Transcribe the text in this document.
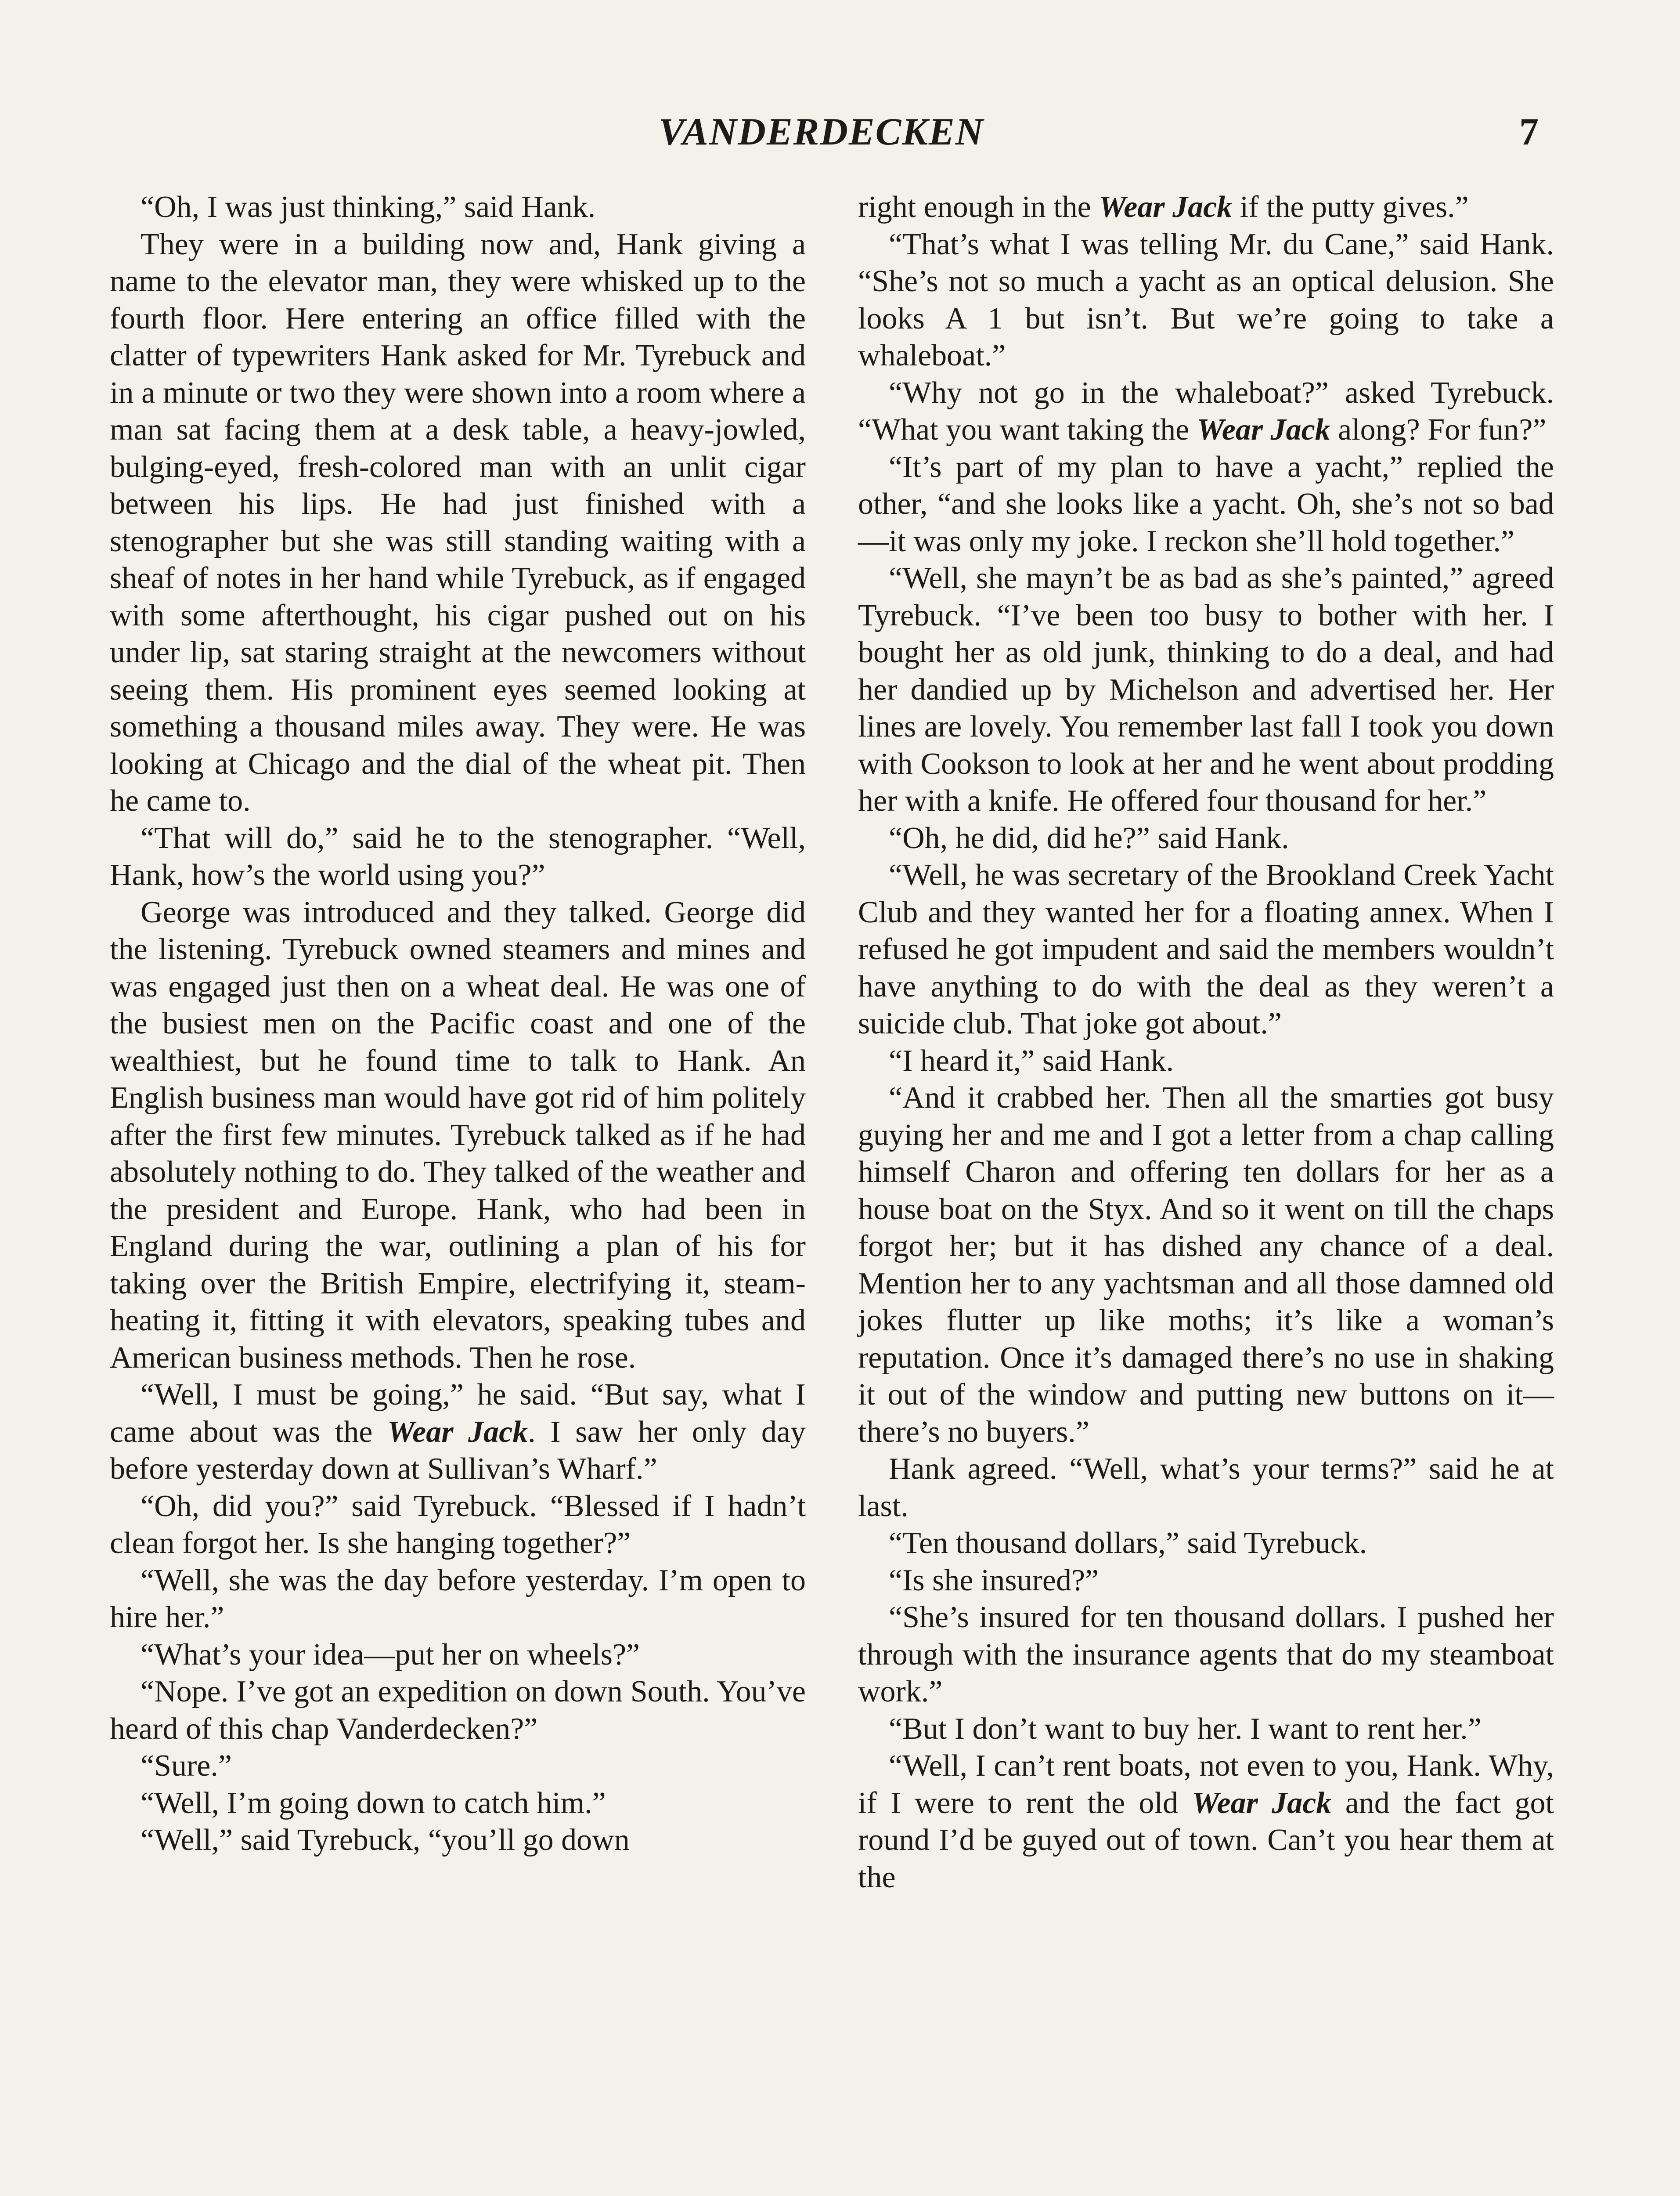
VANDERDECKEN	7

“Oh, I was just thinking,” said Hank.

They were in a building now and, Hank giving a name to the elevator man, they were whisked up to the fourth floor. Here entering an office filled with the clatter of typewriters Hank asked for Mr. Tyrebuck and in a minute or two they were shown into a room where a man sat facing them at a desk table, a heavy-jowled, bulging-eyed, fresh-colored man with an unlit cigar between his lips. He had just finished with a stenographer but she was still standing waiting with a sheaf of notes in her hand while Tyrebuck, as if engaged with some afterthought, his cigar pushed out on his under lip, sat staring straight at the newcomers without seeing them. His prominent eyes seemed looking at something a thousand miles away. They were. He was looking at Chicago and the dial of the wheat pit. Then he came to.

“That will do,” said he to the stenographer. “Well, Hank, how’s the world using you?”

George was introduced and they talked. George did the listening. Tyrebuck owned steamers and mines and was engaged just then on a wheat deal. He was one of the busiest men on the Pacific coast and one of the wealthiest, but he found time to talk to Hank. An English business man would have got rid of him politely after the first few minutes. Tyrebuck talked as if he had absolutely nothing to do. They talked of the weather and the president and Europe. Hank, who had been in England during the war, outlining a plan of his for taking over the British Empire, electrifying it, steam-heating it, fitting it with elevators, speaking tubes and American business methods. Then he rose.

“Well, I must be going,” he said. “But say, what I came about was the Wear Jack. I saw her only day before yesterday down at Sullivan’s Wharf.”

“Oh, did you?” said Tyrebuck. “Blessed if I hadn’t clean forgot her. Is she hanging together?”

“Well, she was the day before yesterday. I’m open to hire her.”

“What’s your idea—put her on wheels?”

“Nope. I’ve got an expedition on down South. You’ve heard of this chap Vanderdecken?”

“Sure.”

“Well, I’m going down to catch him.”

“Well,” said Tyrebuck, “you’ll go down

right enough in the Wear Jack if the putty gives.”

“That’s what I was telling Mr. du Cane,” said Hank. “She’s not so much a yacht as an optical delusion. She looks A 1 but isn’t. But we’re going to take a whaleboat.”

“Why not go in the whaleboat?” asked Tyrebuck. “What you want taking the Wear Jack along? For fun?”

“It’s part of my plan to have a yacht,” replied the other, “and she looks like a yacht. Oh, she’s not so bad—it was only my joke. I reckon she’ll hold together.”

“Well, she mayn’t be as bad as she’s painted,” agreed Tyrebuck. “I’ve been too busy to bother with her. I bought her as old junk, thinking to do a deal, and had her dandied up by Michelson and advertised her. Her lines are lovely. You remember last fall I took you down with Cookson to look at her and he went about prodding her with a knife. He offered four thousand for her.”

“Oh, he did, did he?” said Hank.

“Well, he was secretary of the Brookland Creek Yacht Club and they wanted her for a floating annex. When I refused he got impudent and said the members wouldn’t have anything to do with the deal as they weren’t a suicide club. That joke got about.”

“I heard it,” said Hank.

“And it crabbed her. Then all the smarties got busy guying her and me and I got a letter from a chap calling himself Charon and offering ten dollars for her as a house boat on the Styx. And so it went on till the chaps forgot her; but it has dished any chance of a deal. Mention her to any yachtsman and all those damned old jokes flutter up like moths; it’s like a woman’s reputation. Once it’s damaged there’s no use in shaking it out of the window and putting new buttons on it—there’s no buyers.”

Hank agreed. “Well, what’s your terms?” said he at last.

“Ten thousand dollars,” said Tyrebuck.

“Is she insured?”

“She’s insured for ten thousand dollars. I pushed her through with the insurance agents that do my steamboat work.”

“But I don’t want to buy her. I want to rent her.”

“Well, I can’t rent boats, not even to you, Hank. Why, if I were to rent the old Wear Jack and the fact got round I’d be guyed out of town. Can’t you hear them at the
